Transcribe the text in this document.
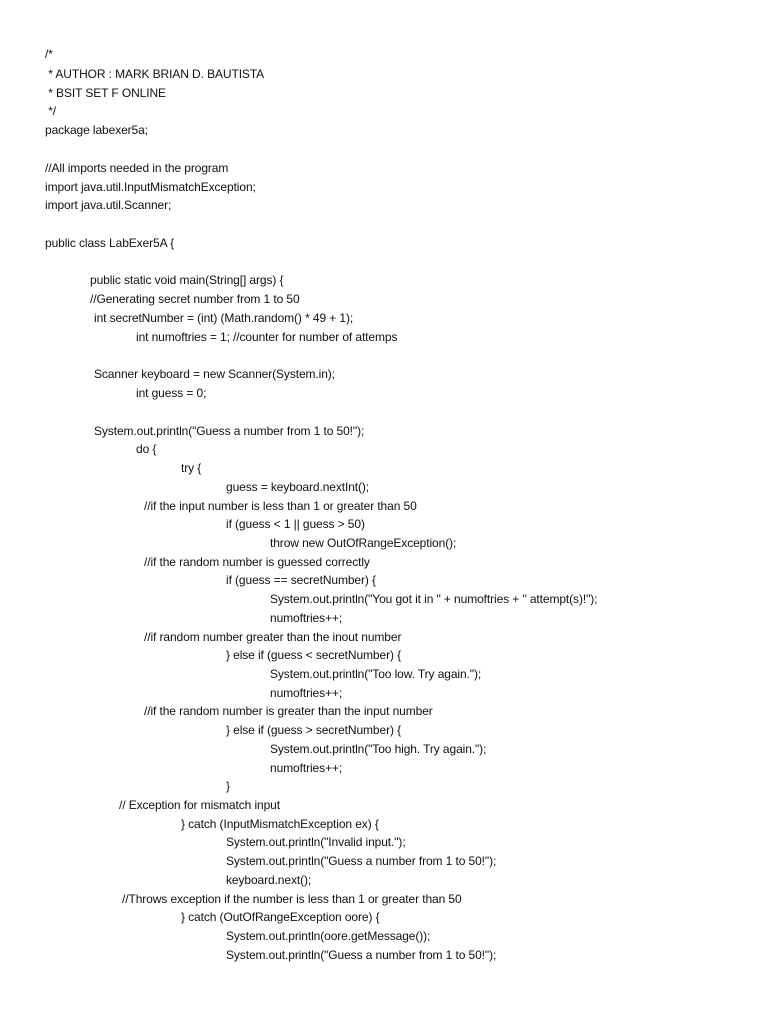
/*
* AUTHOR : MARK BRIAN D. BAUTISTA
* BSIT SET F ONLINE
*/
package labexer5a;
//All imports needed in the program
import java.util.InputMismatchException;
import java.util.Scanner;
public class LabExer5A {
public static void main(String[] args) {
//Generating secret number from 1 to 50
int secretNumber = (int) (Math.random() * 49 + 1);
int numoftries = 1; //counter for number of attemps
Scanner keyboard = new Scanner(System.in);
int guess = 0;
System.out.println("Guess a number from 1 to 50!");
do {
try {
guess = keyboard.nextInt();
//if the input number is less than 1 or greater than 50
if (guess < 1 || guess > 50)
throw new OutOfRangeException();
//if the random number is guessed correctly
if (guess == secretNumber) {
System.out.println("You got it in " + numoftries + " attempt(s)!");
numoftries++;
//if random number greater than the inout number
} else if (guess < secretNumber) {
System.out.println("Too low. Try again.");
numoftries++;
//if the random number is greater than the input number
} else if (guess > secretNumber) {
System.out.println("Too high. Try again.");
numoftries++;
}
// Exception for mismatch input
} catch (InputMismatchException ex) {
System.out.println("Invalid input.");
System.out.println("Guess a number from 1 to 50!");
keyboard.next();
//Throws exception if the number is less than 1 or greater than 50
} catch (OutOfRangeException oore) {
System.out.println(oore.getMessage());
System.out.println("Guess a number from 1 to 50!");
